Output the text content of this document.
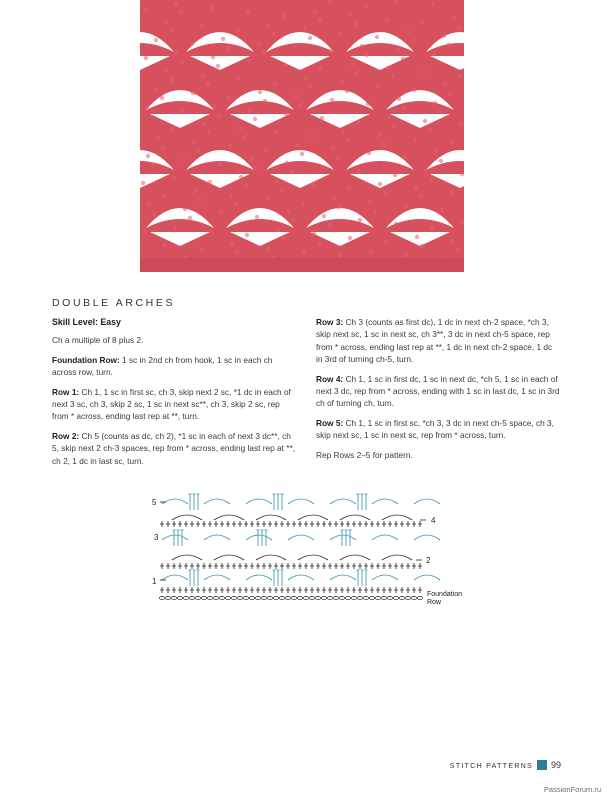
DOUBLE ARCHES

Skill Level: Easy

Ch a multiple of 8 plus 2.

Foundation Row: 1 sc in 2nd ch from hook, 1 sc in each ch across row, turn.

Row 1: Ch 1, 1 sc in first sc, ch 3, skip next 2 sc, *1 dc in each of next 3 sc, ch 3, skip 2 sc, 1 sc in next sc**, ch 3, skip 2 sc, rep from * across, ending last rep at **, turn.

Row 2: Ch 5 (counts as dc, ch 2), *1 sc in each of next 3 dc**, ch 5, skip next 2 ch-3 spaces, rep from * across, ending last rep at **, ch 2, 1 dc in last sc, turn.

Row 3: Ch 3 (counts as first dc), 1 dc in next ch-2 space, *ch 3, skip next sc, 1 sc in next sc, ch 3**, 3 dc in next ch-5 space, rep from * across, ending last rep at **, 1 dc in next ch-2 space, 1 dc in 3rd of turning ch-5, turn.

Row 4: Ch 1, 1 sc in first dc, 1 sc in next dc, *ch 5, 1 sc in each of next 3 dc, rep from * across, ending with 1 sc in last dc, 1 sc in 3rd ch of turning ch, turn.

Row 5: Ch 1, 1 sc in first sc, *ch 3, 3 dc in next ch-5 space, ch 3, skip next sc, 1 sc in next sc, rep from * across, turn.

Rep Rows 2–5 for pattern.

5
4
3
2
1
Foundation
Row
STITCH PATTERNS 99
PassionForum.ru
